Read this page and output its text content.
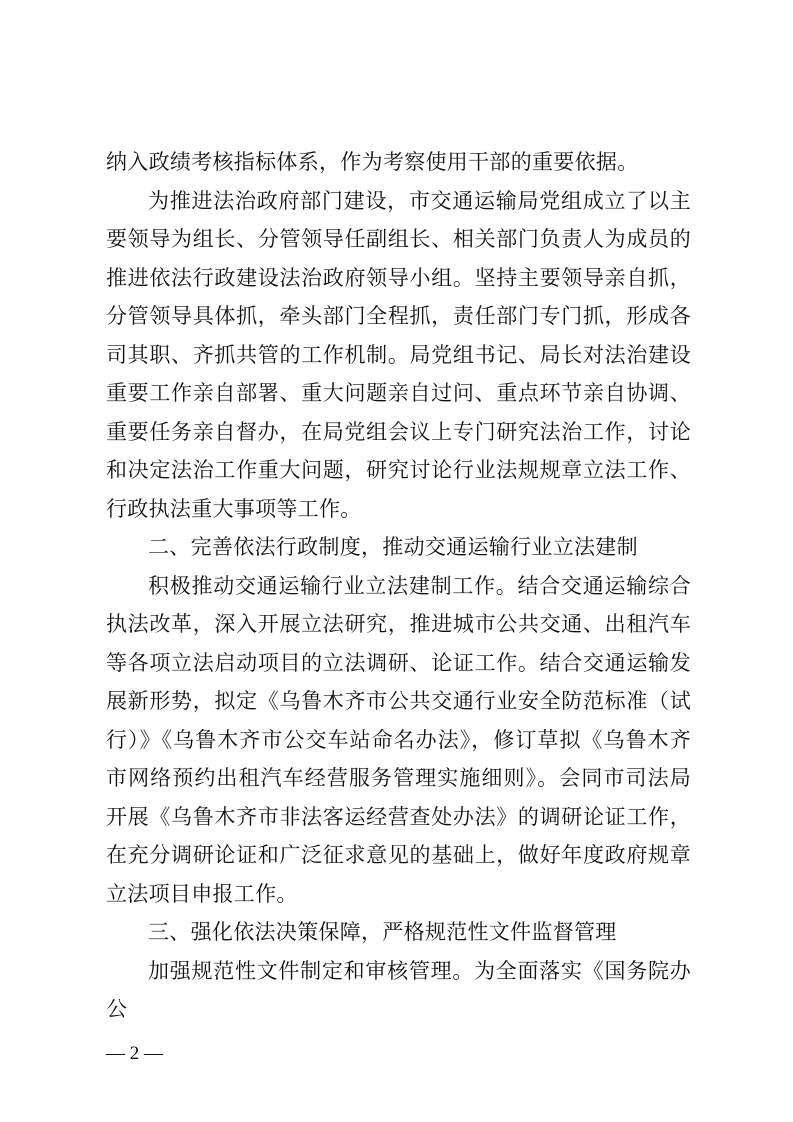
纳入政绩考核指标体系，作为考察使用干部的重要依据。

为推进法治政府部门建设，市交通运输局党组成立了以主要领导为组长、分管领导任副组长、相关部门负责人为成员的推进依法行政建设法治政府领导小组。坚持主要领导亲自抓，分管领导具体抓，牵头部门全程抓，责任部门专门抓，形成各司其职、齐抓共管的工作机制。局党组书记、局长对法治建设重要工作亲自部署、重大问题亲自过问、重点环节亲自协调、重要任务亲自督办，在局党组会议上专门研究法治工作，讨论和决定法治工作重大问题，研究讨论行业法规规章立法工作、行政执法重大事项等工作。

二、完善依法行政制度，推动交通运输行业立法建制

积极推动交通运输行业立法建制工作。结合交通运输综合执法改革，深入开展立法研究，推进城市公共交通、出租汽车等各项立法启动项目的立法调研、论证工作。结合交通运输发展新形势，拟定《乌鲁木齐市公共交通行业安全防范标准（试行）》《乌鲁木齐市公交车站命名办法》，修订草拟《乌鲁木齐市网络预约出租汽车经营服务管理实施细则》。会同市司法局开展《乌鲁木齐市非法客运经营查处办法》的调研论证工作，在充分调研论证和广泛征求意见的基础上，做好年度政府规章立法项目申报工作。

三、强化依法决策保障，严格规范性文件监督管理

加强规范性文件制定和审核管理。为全面落实《国务院办公

— 2 —
